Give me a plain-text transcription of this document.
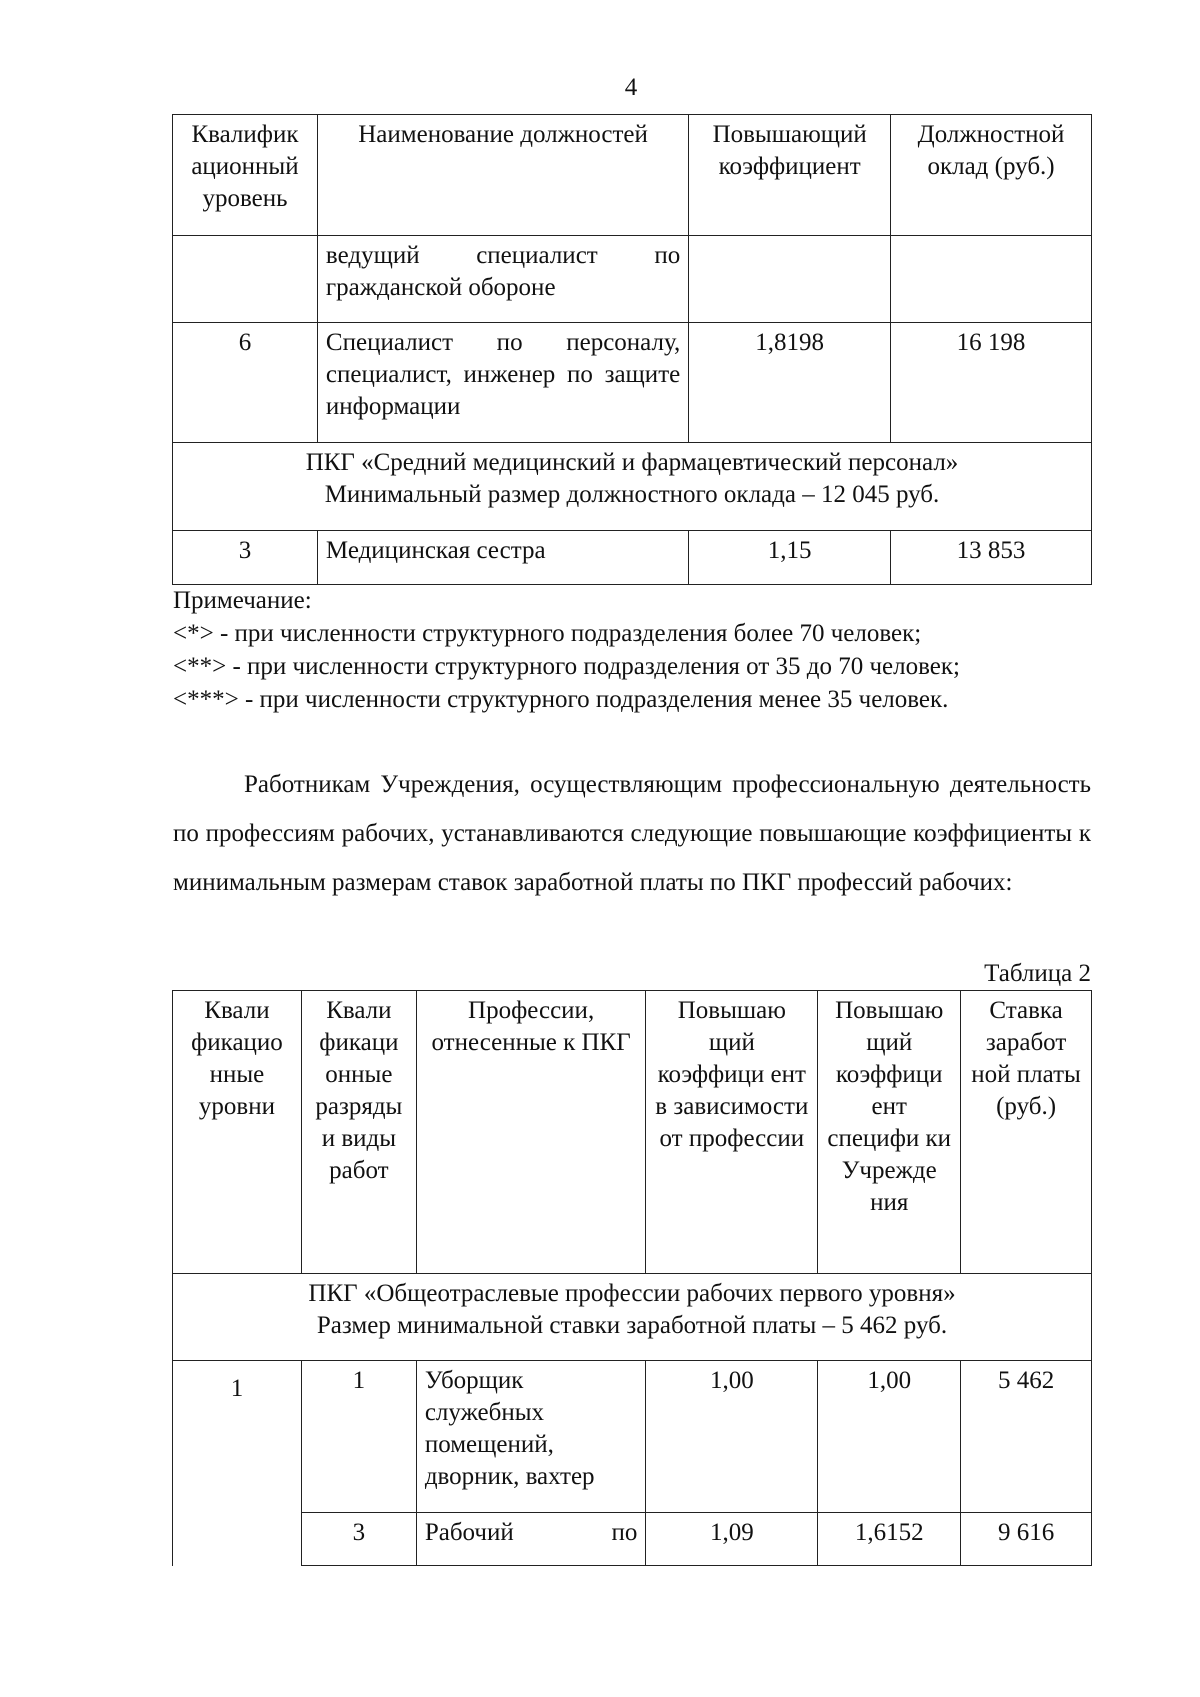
4
Квалифик ационный уровень	Наименование должностей	Повышающий коэффициент	Должностной оклад (руб.)
	ведущий специалист по гражданской обороне		
6	Специалист по персоналу, специалист, инженер по защите информации	1,8198	16 198

ПКГ «Средний медицинский и фармацевтический персонал»
Минимальный размер должностного оклада – 12 045 руб.			

3	Медицинская сестра	1,15	13 853
Примечание:
<*> - при численности структурного подразделения более 70 человек;
<**> - при численности структурного подразделения от 35 до 70 человек;
<***> - при численности структурного подразделения менее 35 человек.
Работникам Учреждения, осуществляющим профессиональную деятельность по профессиям рабочих, устанавливаются следующие повышающие коэффициенты к минимальным размерам ставок заработной платы по ПКГ профессий рабочих:
Таблица 2
Квали фикацио нные уровни	Квали фикаци онные разряды и виды работ	Профессии, отнесенные к ПКГ	Повышаю щий коэффици ент в зависимости от профессии	Повышаю щий коэффици ент специфи ки Учрежде ния	Ставка заработ ной платы (руб.)

ПКГ «Общеотраслевые профессии рабочих первого уровня»
Размер минимальной ставки заработной платы – 5 462 руб.					

1	1	Уборщик служебных помещений, дворник, вахтер	1,00	1,00	5 462
	3	Рабочий по	1,09	1,6152	9 616
